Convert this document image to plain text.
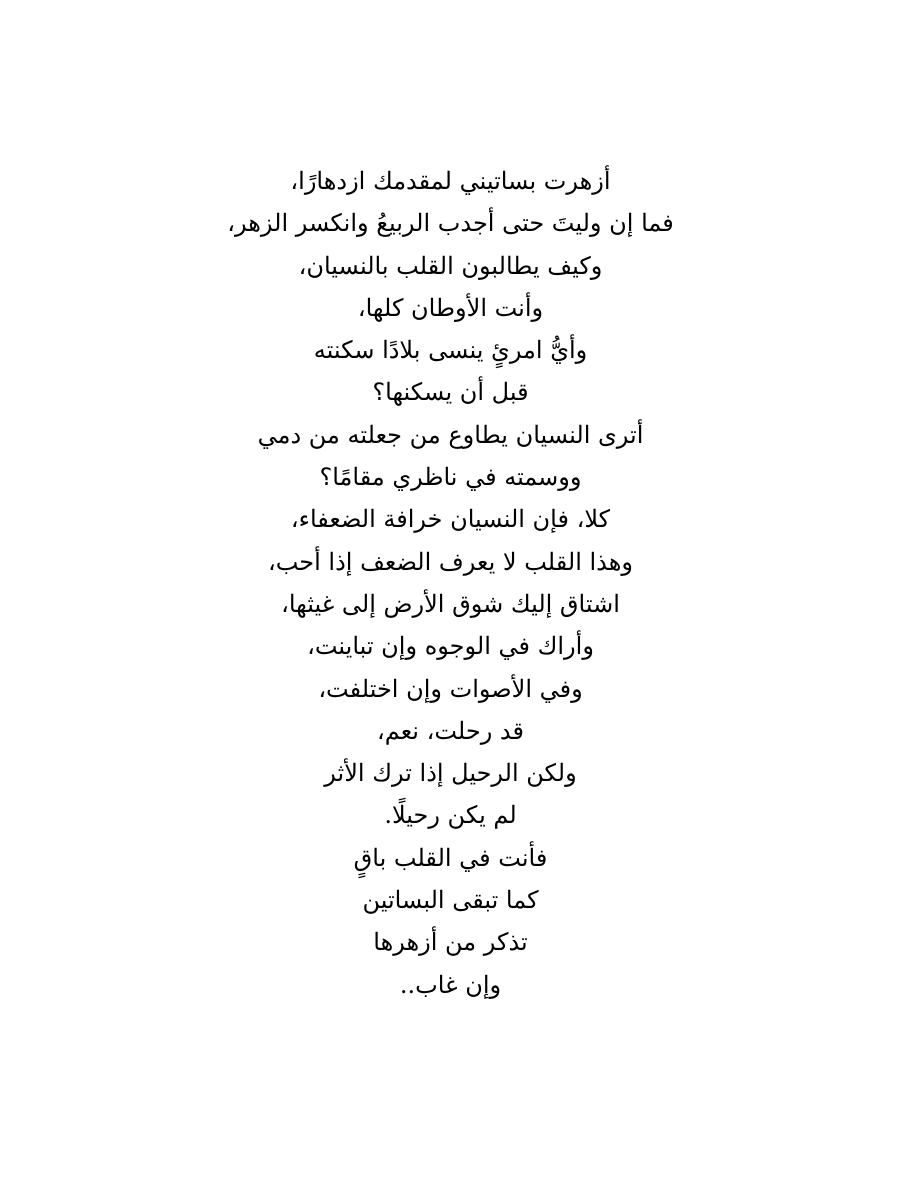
أزهرت بساتيني لمقدمك ازدهارًا،
فما إن وليتَ حتى أجدب الربيعُ وانكسر الزهر،
وكيف يطالبون القلب بالنسيان،
وأنت الأوطان كلها،
وأيُّ امرئٍ ينسى بلادًا سكنته
قبل أن يسكنها؟
أترى النسيان يطاوع من جعلته من دمي
ووسمته في ناظري مقامًا؟
كلا، فإن النسيان خرافة الضعفاء،
وهذا القلب لا يعرف الضعف إذا أحب،
اشتاق إليك شوق الأرض إلى غيثها،
وأراك في الوجوه وإن تباينت،
وفي الأصوات وإن اختلفت،
قد رحلت، نعم،
ولكن الرحيل إذا ترك الأثر
لم يكن رحيلًا.
فأنت في القلب باقٍ
كما تبقى البساتين
تذكر من أزهرها
وإن غاب..
